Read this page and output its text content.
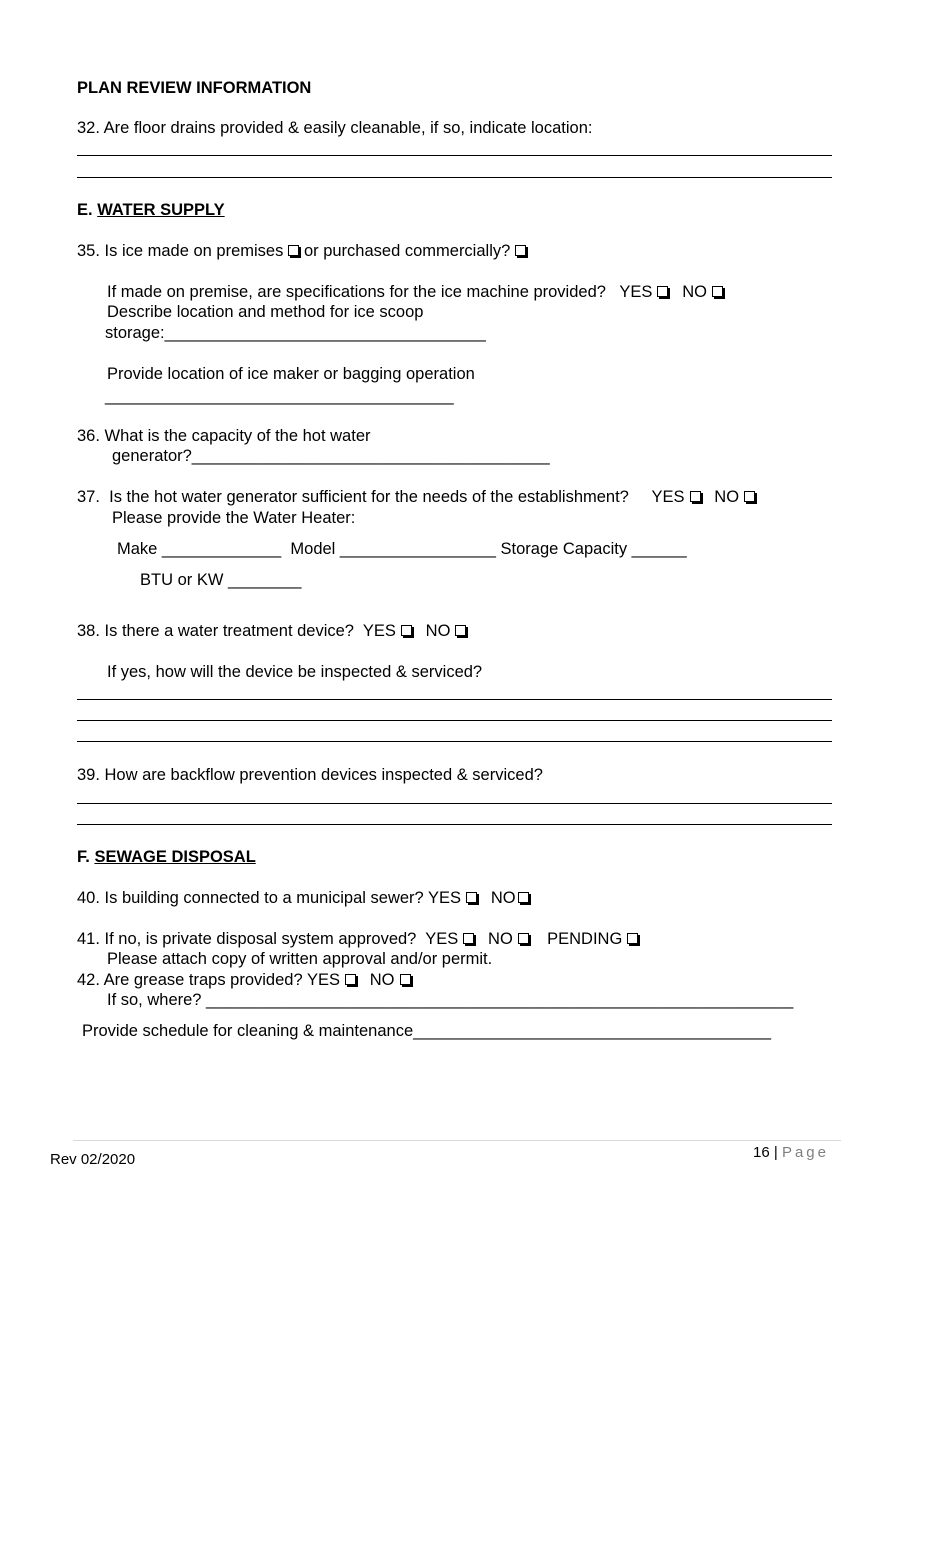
PLAN REVIEW INFORMATION
32. Are floor drains provided & easily cleanable, if so, indicate location:
E. WATER SUPPLY
35. Is ice made on premises or purchased commercially?
If made on premise, are specifications for the ice machine provided? YES NO
Describe location and method for ice scoop
storage:___________________________________
Provide location of ice maker or bagging operation
______________________________________
36. What is the capacity of the hot water
generator?_______________________________________
37.  Is the hot water generator sufficient for the needs of the establishment? YES NO
Please provide the Water Heater:
Make _____________  Model _________________ Storage Capacity ______
BTU or KW ________
38. Is there a water treatment device? YES NO
If yes, how will the device be inspected & serviced?
39. How are backflow prevention devices inspected & serviced?
F. SEWAGE DISPOSAL
40. Is building connected to a municipal sewer? YES NO
41. If no, is private disposal system approved? YES NO PENDING
Please attach copy of written approval and/or permit.
42. Are grease traps provided? YES NO
If so, where? ________________________________________________________________
Provide schedule for cleaning & maintenance_______________________________________
Rev 02/2020	16 | Page
